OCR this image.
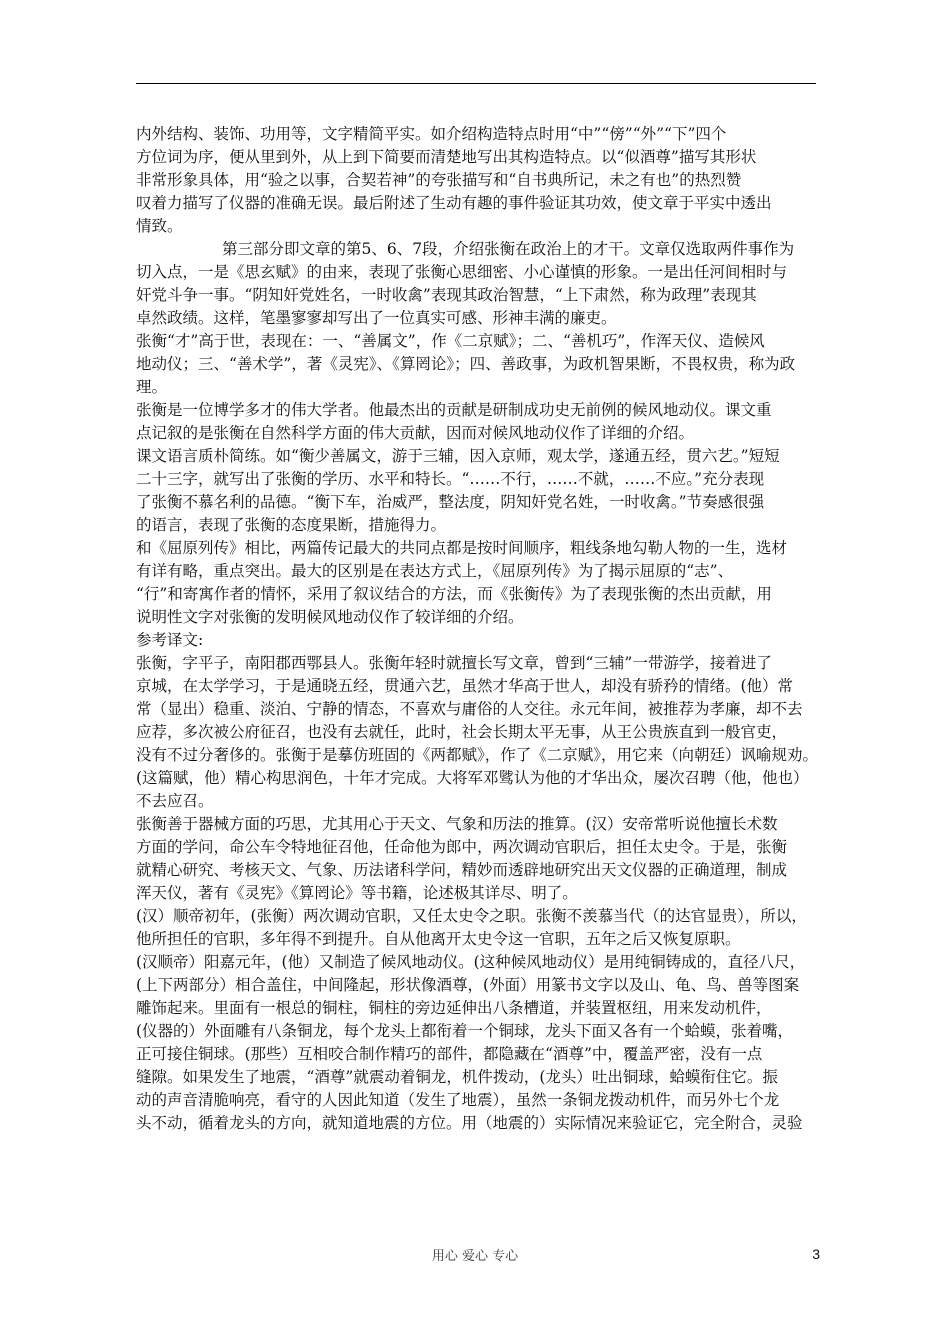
内外结构、装饰、功用等，文字精简平实。如介绍构造特点时用“中”“傍”“外”“下”四个
方位词为序，便从里到外，从上到下简要而清楚地写出其构造特点。以“似酒尊”描写其形状
非常形象具体，用“验之以事，合契若神”的夸张描写和“自书典所记，未之有也”的热烈赞
叹着力描写了仪器的准确无误。最后附述了生动有趣的事件验证其功效，使文章于平实中透出
情致。
第三部分即文章的第5、6、7段，介绍张衡在政治上的才干。文章仅选取两件事作为
切入点，一是《思玄赋》的由来，表现了张衡心思细密、小心谨慎的形象。一是出任河间相时与
奸党斗争一事。“阴知奸党姓名，一时收禽”表现其政治智慧，“上下肃然，称为政理”表现其
卓然政绩。这样，笔墨寥寥却写出了一位真实可感、形神丰满的廉吏。
张衡“才”高于世，表现在：一、“善属文”，作《二京赋》；二、“善机巧”，作浑天仪、造候风
地动仪；三、“善术学”，著《灵宪》、《算罔论》；四、善政事，为政机智果断，不畏权贵，称为政
理。
张衡是一位博学多才的伟大学者。他最杰出的贡献是研制成功史无前例的候风地动仪。课文重
点记叙的是张衡在自然科学方面的伟大贡献，因而对候风地动仪作了详细的介绍。
课文语言质朴简练。如“衡少善属文，游于三辅，因入京师，观太学，遂通五经，贯六艺。”短短
二十三字，就写出了张衡的学历、水平和特长。“……不行，……不就，……不应。”充分表现
了张衡不慕名利的品德。“衡下车，治威严，整法度，阴知奸党名姓，一时收禽。”节奏感很强
的语言，表现了张衡的态度果断，措施得力。
和《屈原列传》相比，两篇传记最大的共同点都是按时间顺序，粗线条地勾勒人物的一生，选材
有详有略，重点突出。最大的区别是在表达方式上，《屈原列传》为了揭示屈原的“志”、
“行”和寄寓作者的情怀，采用了叙议结合的方法，而《张衡传》为了表现张衡的杰出贡献，用
说明性文字对张衡的发明候风地动仪作了较详细的介绍。
参考译文:
张衡，字平子，南阳郡西鄂县人。张衡年轻时就擅长写文章，曾到“三辅”一带游学，接着进了
京城，在太学学习，于是通晓五经，贯通六艺，虽然才华高于世人，却没有骄矜的情绪。(他）常
常（显出）稳重、淡泊、宁静的情态，不喜欢与庸俗的人交往。永元年间，被推荐为孝廉，却不去
应荐，多次被公府征召，也没有去就任，此时，社会长期太平无事，从王公贵族直到一般官吏，
没有不过分奢侈的。张衡于是摹仿班固的《两都赋》，作了《二京赋》，用它来（向朝廷）讽喻规劝。
(这篇赋，他）精心构思润色，十年才完成。大将军邓骘认为他的才华出众，屡次召聘（他，他也）
不去应召。
张衡善于器械方面的巧思，尤其用心于天文、气象和历法的推算。(汉）安帝常听说他擅长术数
方面的学问，命公车令特地征召他，任命他为郎中，两次调动官职后，担任太史令。于是，张衡
就精心研究、考核天文、气象、历法诸科学问，精妙而透辟地研究出天文仪器的正确道理，制成
浑天仪，著有《灵宪》《算罔论》等书籍，论述极其详尽、明了。
(汉）顺帝初年，(张衡）两次调动官职，又任太史令之职。张衡不羡慕当代（的达官显贵），所以，
他所担任的官职，多年得不到提升。自从他离开太史令这一官职，五年之后又恢复原职。
(汉顺帝）阳嘉元年，(他）又制造了候风地动仪。(这种候风地动仪）是用纯铜铸成的，直径八尺，
(上下两部分）相合盖住，中间隆起，形状像酒尊，(外面）用篆书文字以及山、龟、鸟、兽等图案
雕饰起来。里面有一根总的铜柱，铜柱的旁边延伸出八条槽道，并装置枢纽，用来发动机件，
(仪器的）外面雕有八条铜龙，每个龙头上都衔着一个铜球，龙头下面又各有一个蛤蟆，张着嘴，
正可接住铜球。(那些）互相咬合制作精巧的部件，都隐藏在“酒尊”中，覆盖严密，没有一点
缝隙。如果发生了地震，“酒尊”就震动着铜龙，机件拨动，(龙头）吐出铜球，蛤蟆衔住它。振
动的声音清脆响亮，看守的人因此知道（发生了地震），虽然一条铜龙拨动机件，而另外七个龙
头不动，循着龙头的方向，就知道地震的方位。用（地震的）实际情况来验证它，完全附合，灵验
用心 爱心 专心	3
